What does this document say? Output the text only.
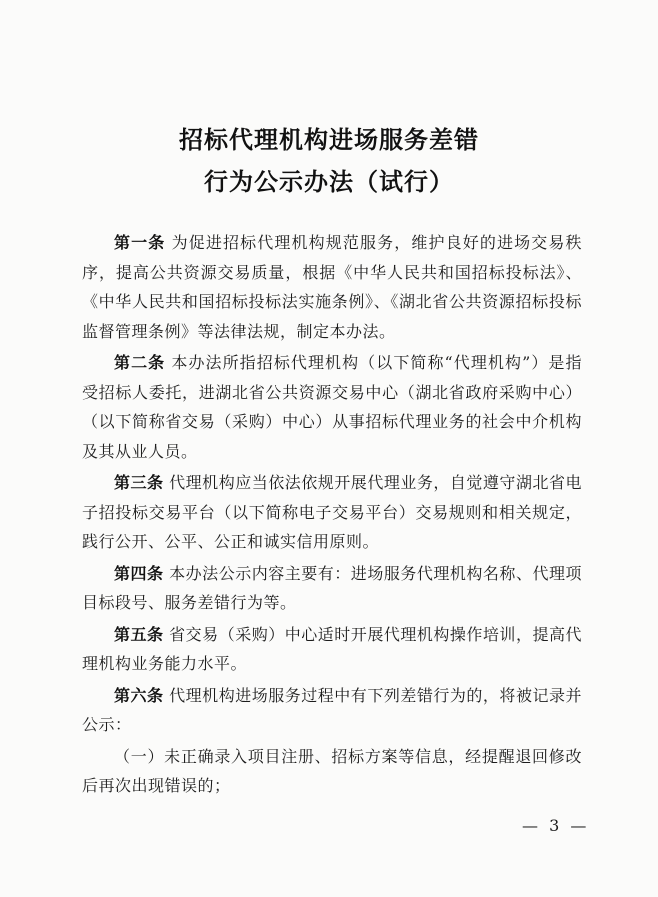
招标代理机构进场服务差错
行为公示办法（试行）

第一条 为促进招标代理机构规范服务，维护良好的进场交易秩序，提高公共资源交易质量，根据《中华人民共和国招标投标法》、《中华人民共和国招标投标法实施条例》、《湖北省公共资源招标投标监督管理条例》等法律法规，制定本办法。

第二条 本办法所指招标代理机构（以下简称“代理机构”）是指受招标人委托，进湖北省公共资源交易中心（湖北省政府采购中心）（以下简称省交易（采购）中心）从事招标代理业务的社会中介机构及其从业人员。

第三条 代理机构应当依法依规开展代理业务，自觉遵守湖北省电子招投标交易平台（以下简称电子交易平台）交易规则和相关规定，践行公开、公平、公正和诚实信用原则。

第四条 本办法公示内容主要有：进场服务代理机构名称、代理项目标段号、服务差错行为等。

第五条 省交易（采购）中心适时开展代理机构操作培训，提高代理机构业务能力水平。

第六条 代理机构进场服务过程中有下列差错行为的，将被记录并公示：

（一）未正确录入项目注册、招标方案等信息，经提醒退回修改后再次出现错误的；

— 3 —
